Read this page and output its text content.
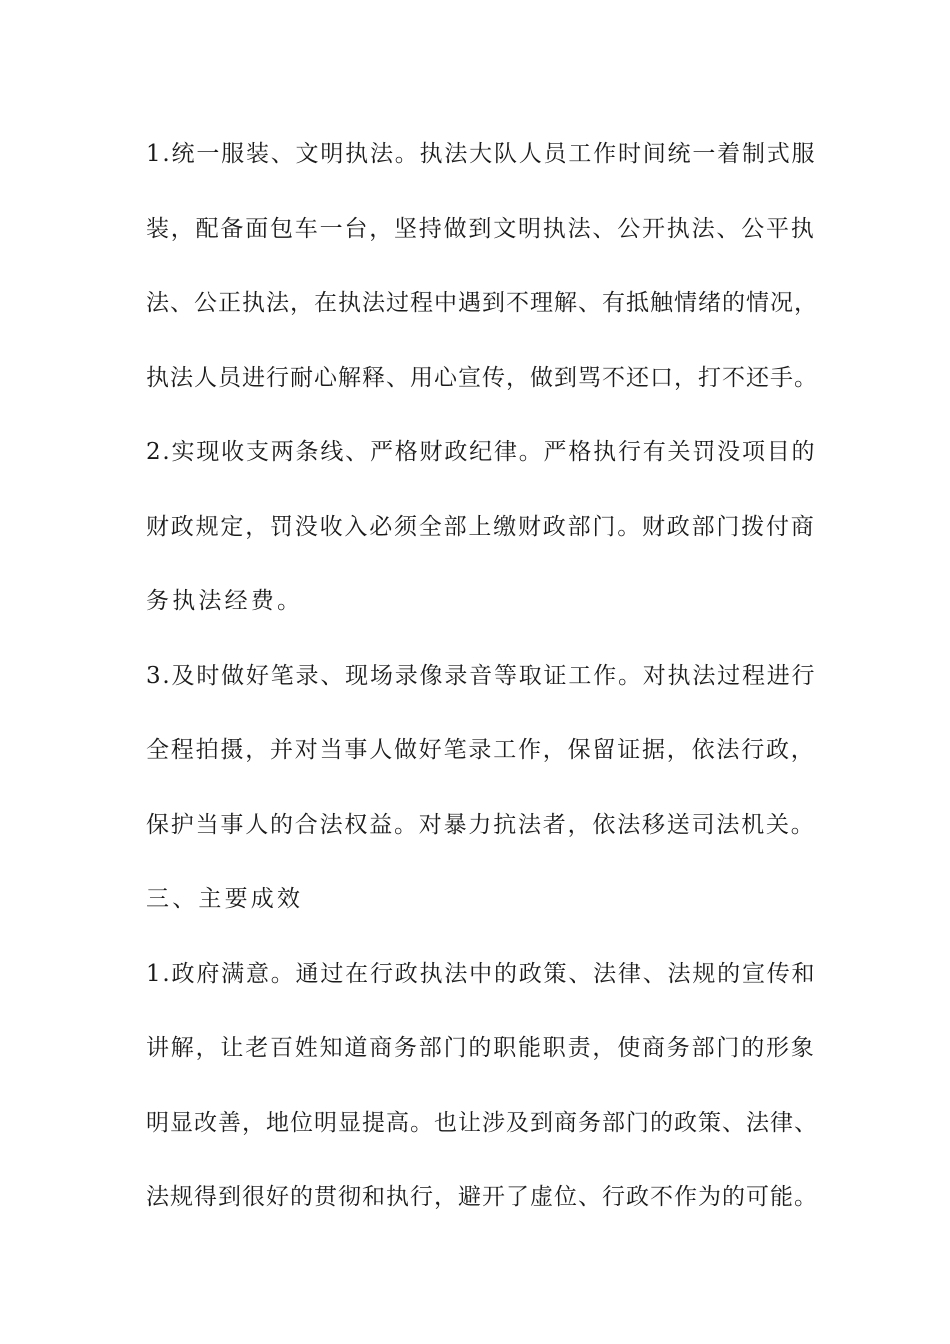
1.统一服装、文明执法。执法大队人员工作时间统一着制式服
装，配备面包车一台，坚持做到文明执法、公开执法、公平执
法、公正执法，在执法过程中遇到不理解、有抵触情绪的情况，
执法人员进行耐心解释、用心宣传，做到骂不还口，打不还手。
2.实现收支两条线、严格财政纪律。严格执行有关罚没项目的
财政规定，罚没收入必须全部上缴财政部门。财政部门拨付商
务执法经费。
3.及时做好笔录、现场录像录音等取证工作。对执法过程进行
全程拍摄，并对当事人做好笔录工作，保留证据，依法行政，
保护当事人的合法权益。对暴力抗法者，依法移送司法机关。
三、主要成效
1.政府满意。通过在行政执法中的政策、法律、法规的宣传和
讲解，让老百姓知道商务部门的职能职责，使商务部门的形象
明显改善，地位明显提高。也让涉及到商务部门的政策、法律、
法规得到很好的贯彻和执行，避开了虚位、行政不作为的可能。
